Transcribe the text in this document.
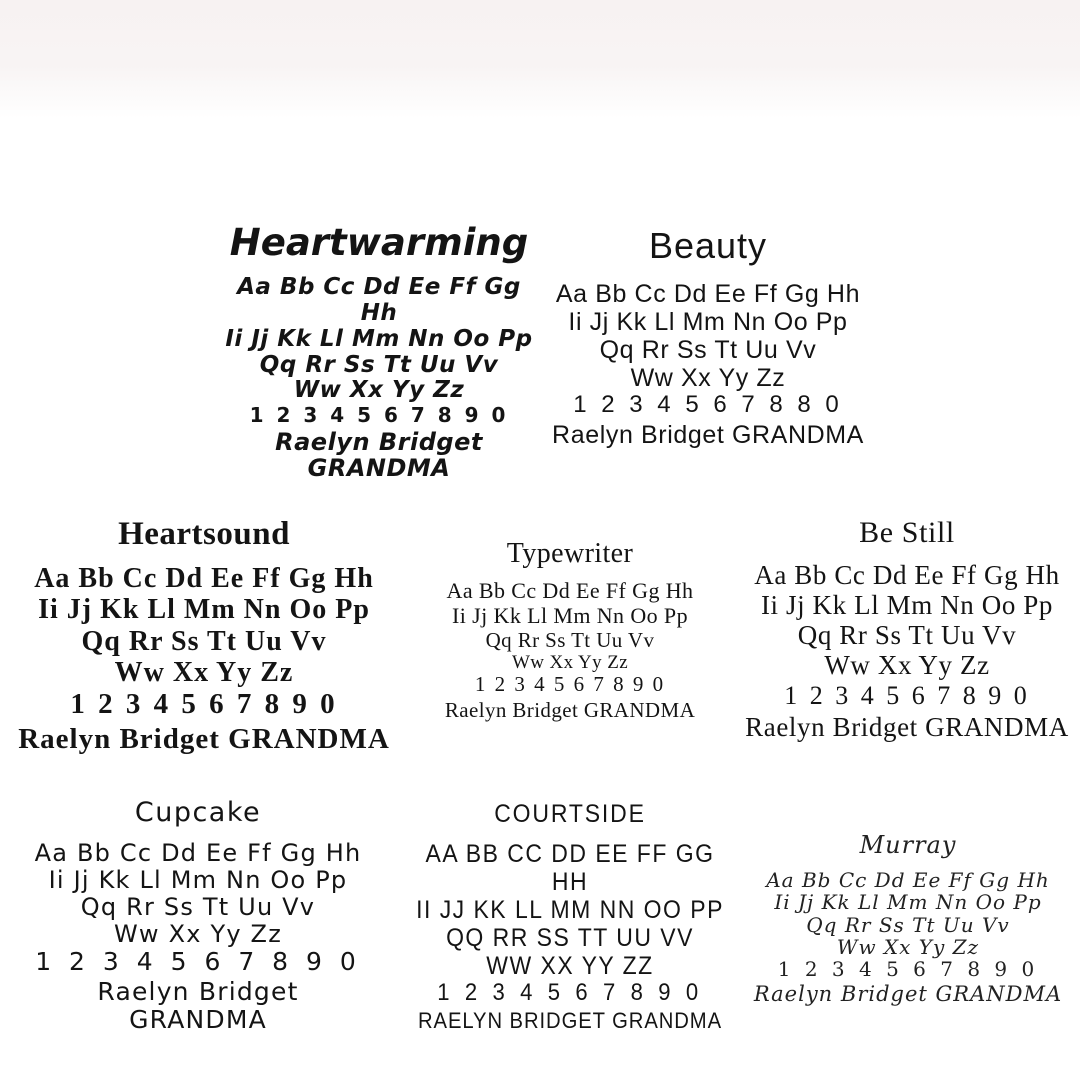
Heartwarming
Aa Bb Cc Dd Ee Ff Gg Hh
Ii Jj Kk Ll Mm Nn Oo Pp
Qq Rr Ss Tt Uu Vv
Ww Xx Yy Zz
1 2 3 4 5 6 7 8 9 0
Raelyn Bridget GRANDMA
Beauty
Aa Bb Cc Dd Ee Ff Gg Hh
Ii Jj Kk Ll Mm Nn Oo Pp
Qq Rr Ss Tt Uu Vv
Ww Xx Yy Zz
1 2 3 4 5 6 7 8 8 0
Raelyn Bridget GRANDMA
Heartsound
Aa Bb Cc Dd Ee Ff Gg Hh
Ii Jj Kk Ll Mm Nn Oo Pp
Qq Rr Ss Tt Uu Vv
Ww Xx Yy Zz
1 2 3 4 5 6 7 8 9 0
Raelyn Bridget GRANDMA
Typewriter
Aa Bb Cc Dd Ee Ff Gg Hh
Ii Jj Kk Ll Mm Nn Oo Pp
Qq Rr Ss Tt Uu Vv
Ww Xx Yy Zz
1 2 3 4 5 6 7 8 9 0
Raelyn Bridget GRANDMA
Be Still
Aa Bb Cc Dd Ee Ff Gg Hh
Ii Jj Kk Ll Mm Nn Oo Pp
Qq Rr Ss Tt Uu Vv
Ww Xx Yy Zz
1 2 3 4 5 6 7 8 9 0
Raelyn Bridget GRANDMA
Cupcake
Aa Bb Cc Dd Ee Ff Gg Hh
Ii Jj Kk Ll Mm Nn Oo Pp
Qq Rr Ss Tt Uu Vv
Ww Xx Yy Zz
1 2 3 4 5 6 7 8 9 0
Raelyn Bridget GRANDMA
COURTSIDE
AA BB CC DD EE FF GG HH
II JJ KK LL MM NN OO PP
QQ RR SS TT UU VV
WW XX YY ZZ
1 2 3 4 5 6 7 8 9 0
RAELYN BRIDGET GRANDMA
Murray
Aa Bb Cc Dd Ee Ff Gg Hh
Ii Jj Kk Ll Mm Nn Oo Pp
Qq Rr Ss Tt Uu Vv
Ww Xx Yy Zz
1 2 3 4 5 6 7 8 9 0
Raelyn Bridget GRANDMA
